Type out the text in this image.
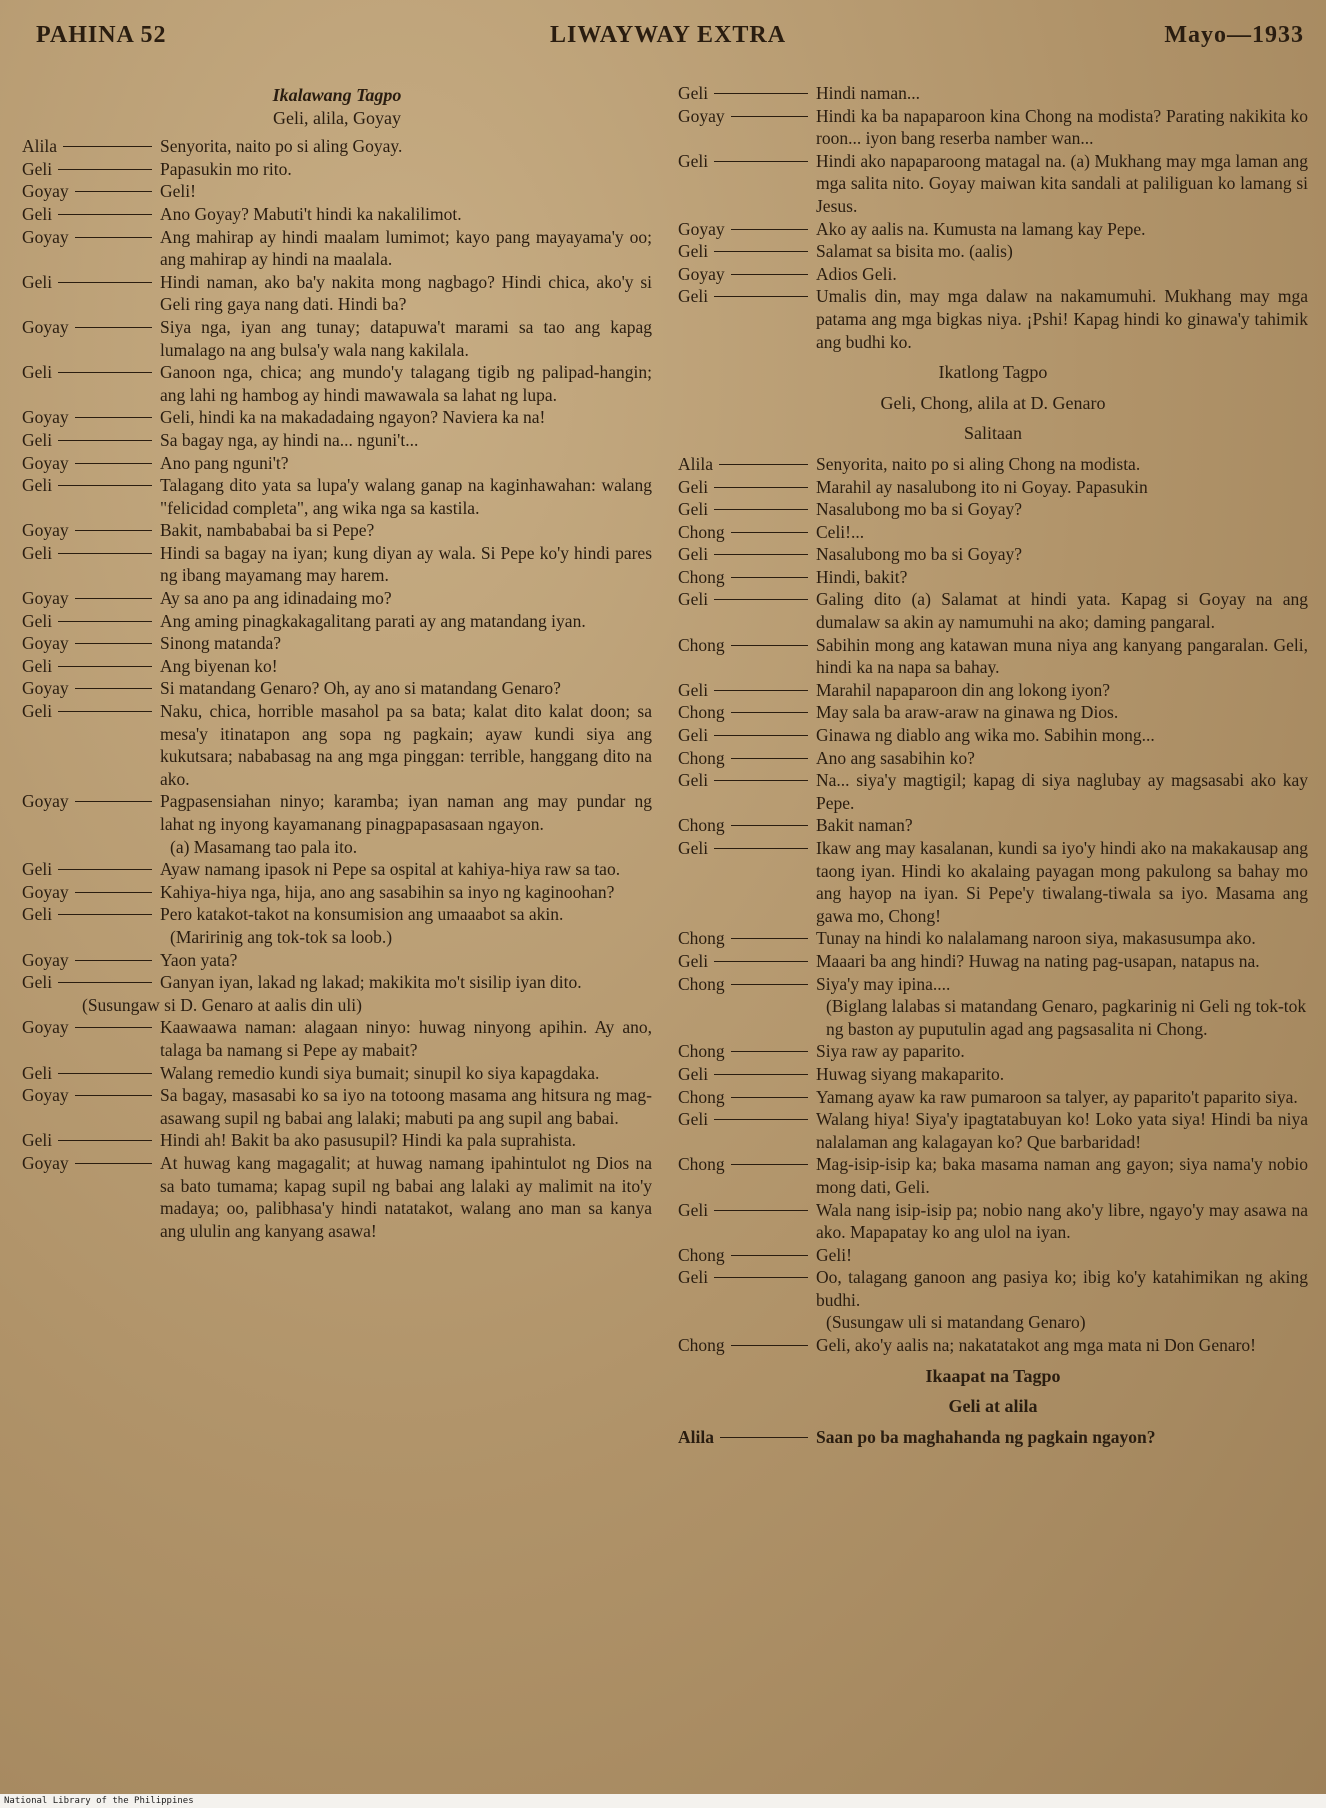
PAHINA 52	LIWAYWAY EXTRA	Mayo—1933
Ikalawang Tagpo
Geli, alila, Goyay
Alila	Senyorita, naito po si aling Goyay.
Geli	Papasukin mo rito.
Goyay	Geli!
Geli	Ano Goyay? Mabuti't hindi ka nakalilimot.
Goyay	Ang mahirap ay hindi maalam lumimot; kayo pang mayayama'y oo; ang mahirap ay hindi na maalala.
Geli	Hindi naman, ako ba'y nakita mong nagbago? Hindi chica, ako'y si Geli ring gaya nang dati. Hindi ba?
Goyay	Siya nga, iyan ang tunay; datapuwa't marami sa tao ang kapag lumalago na ang bulsa'y wala nang kakilala.
Geli	Ganoon nga, chica; ang mundo'y talagang tigib ng palipad-hangin; ang lahi ng hambog ay hindi mawawala sa lahat ng lupa.
Goyay	Geli, hindi ka na makadadaing ngayon? Naviera ka na!
Geli	Sa bagay nga, ay hindi na... nguni't...
Goyay	Ano pang nguni't?
Geli	Talagang dito yata sa lupa'y walang ganap na kaginhawahan: walang "felicidad completa", ang wika nga sa kastila.
Goyay	Bakit, nambababai ba si Pepe?
Geli	Hindi sa bagay na iyan; kung diyan ay wala. Si Pepe ko'y hindi pares ng ibang mayamang may harem.
Goyay	Ay sa ano pa ang idinadaing mo?
Geli	Ang aming pinagkakagalitang parati ay ang matandang iyan.
Goyay	Sinong matanda?
Geli	Ang biyenan ko!
Goyay	Si matandang Genaro? Oh, ay ano si matandang Genaro?
Geli	Naku, chica, horrible masahol pa sa bata; kalat dito kalat doon; sa mesa'y itinatapon ang sopa ng pagkain; ayaw kundi siya ang kukutsara; nababasag na ang mga pinggan: terrible, hanggang dito na ako.
Goyay	Pagpasensiahan ninyo; karamba; iyan naman ang may pundar ng lahat ng inyong kayamanang pinagpapasasaan ngayon.
(a) Masamang tao pala ito.
Geli	Ayaw namang ipasok ni Pepe sa ospital at kahiya-hiya raw sa tao.
Goyay	Kahiya-hiya nga, hija, ano ang sasabihin sa inyo ng kaginoohan?
Geli	Pero katakot-takot na konsumision ang umaaabot sa akin.
(Maririnig ang tok-tok sa loob.)
Goyay	Yaon yata?
Geli	Ganyan iyan, lakad ng lakad; makikita mo't sisilip iyan dito.
(Susungaw si D. Genaro at aalis din uli)
Goyay	Kaawaawa naman: alagaan ninyo: huwag ninyong apihin. Ay ano, talaga ba namang si Pepe ay mabait?
Geli	Walang remedio kundi siya bumait; sinupil ko siya kapagdaka.
Goyay	Sa bagay, masasabi ko sa iyo na totoong masama ang hitsura ng mag-asawang supil ng babai ang lalaki; mabuti pa ang supil ang babai.
Geli	Hindi ah! Bakit ba ako pasusupil? Hindi ka pala suprahista.
Goyay	At huwag kang magagalit; at huwag namang ipahintulot ng Dios na sa bato tumama; kapag supil ng babai ang lalaki ay malimit na ito'y madaya; oo, palibhasa'y hindi natatakot, walang ano man sa kanya ang ululin ang kanyang asawa!
Geli	Hindi naman...
Goyay	Hindi ka ba napaparoon kina Chong na modista? Parating nakikita ko roon... iyon bang reserba namber wan...
Geli	Hindi ako napaparoong matagal na. (a) Mukhang may mga laman ang mga salita nito. Goyay maiwan kita sandali at paliliguan ko lamang si Jesus.
Goyay	Ako ay aalis na. Kumusta na lamang kay Pepe.
Geli	Salamat sa bisita mo. (aalis)
Goyay	Adios Geli.
Geli	Umalis din, may mga dalaw na nakamumuhi. Mukhang may mga patama ang mga bigkas niya. ¡Pshi! Kapag hindi ko ginawa'y tahimik ang budhi ko.
Ikatlong Tagpo
Geli, Chong, alila at D. Genaro
Salitaan
Alila	Senyorita, naito po si aling Chong na modista.
Geli	Marahil ay nasalubong ito ni Goyay. Papasukin
Geli	Nasalubong mo ba si Goyay?
Chong	Celi!...
Geli	Nasalubong mo ba si Goyay?
Chong	Hindi, bakit?
Geli	Galing dito (a) Salamat at hindi yata. Kapag si Goyay na ang dumalaw sa akin ay namumuhi na ako; daming pangaral.
Chong	Sabihin mong ang katawan muna niya ang kanyang pangaralan. Geli, hindi ka na napa sa bahay.
Geli	Marahil napaparoon din ang lokong iyon?
Chong	May sala ba araw-araw na ginawa ng Dios.
Geli	Ginawa ng diablo ang wika mo. Sabihin mong...
Chong	Ano ang sasabihin ko?
Geli	Na... siya'y magtigil; kapag di siya naglubay ay magsasabi ako kay Pepe.
Chong	Bakit naman?
Geli	Ikaw ang may kasalanan, kundi sa iyo'y hindi ako na makakausap ang taong iyan. Hindi ko akalaing payagan mong pakulong sa bahay mo ang hayop na iyan. Si Pepe'y tiwalang-tiwala sa iyo. Masama ang gawa mo, Chong!
Chong	Tunay na hindi ko nalalamang naroon siya, makasusumpa ako.
Geli	Maaari ba ang hindi? Huwag na nating pag-usapan, natapus na.
Chong	Siya'y may ipina....
(Biglang lalabas si matandang Genaro, pagkarinig ni Geli ng tok-tok ng baston ay puputulin agad ang pagsasalita ni Chong.
Chong	Siya raw ay paparito.
Geli	Huwag siyang makaparito.
Chong	Yamang ayaw ka raw pumaroon sa talyer, ay paparito't paparito siya.
Geli	Walang hiya! Siya'y ipagtatabuyan ko! Loko yata siya! Hindi ba niya nalalaman ang kalagayan ko? Que barbaridad!
Chong	Mag-isip-isip ka; baka masama naman ang gayon; siya nama'y nobio mong dati, Geli.
Geli	Wala nang isip-isip pa; nobio nang ako'y libre, ngayo'y may asawa na ako. Mapapatay ko ang ulol na iyan.
Chong	Geli!
Geli	Oo, talagang ganoon ang pasiya ko; ibig ko'y katahimikan ng aking budhi.
(Susungaw uli si matandang Genaro)
Chong	Geli, ako'y aalis na; nakatatakot ang mga mata ni Don Genaro!
Ikaapat na Tagpo
Geli at alila
Alila	Saan po ba maghahanda ng pagkain ngayon?
National Library of the Philippines
